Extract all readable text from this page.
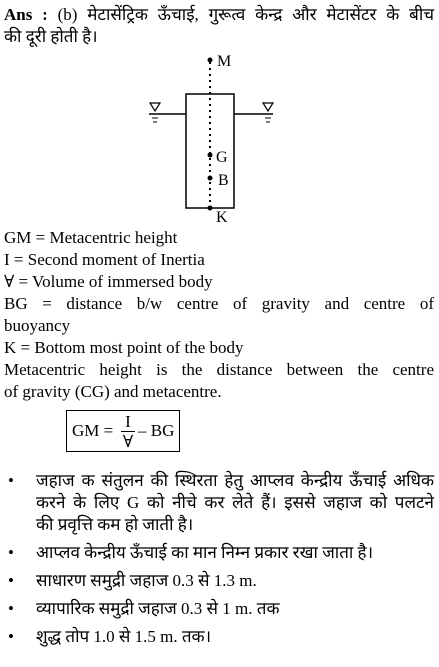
Ans : (b) मेटासेंट्रिक ऊँचाई, गुरूत्व केन्द्र और मेटासेंटर के बीच
की दूरी होती है।
M
G
B
K
GM = Metacentric height
I = Second moment of Inertia
∀ = Volume of immersed body
BG = distance b/w centre of gravity and centre of
buoyancy
K = Bottom most point of the body
Metacentric height is the distance between the centre
of gravity (CG) and metacentre.
GM = I
∀
– BG
•	जहाज क संतुलन की स्थिरता हेतु आप्लव केन्द्रीय ऊँचाई अधिक
करने के लिए G को नीचे कर लेते हैं। इससे जहाज को पलटने
की प्रवृत्ति कम हो जाती है।
•	आप्लव केन्द्रीय ऊँचाई का मान निम्न प्रकार रखा जाता है।
•	साधारण समुद्री जहाज 0.3 से 1.3 m.
•	व्यापारिक समुद्री जहाज 0.3 से 1 m. तक
•	शुद्ध तोप 1.0 से 1.5 m. तक।
